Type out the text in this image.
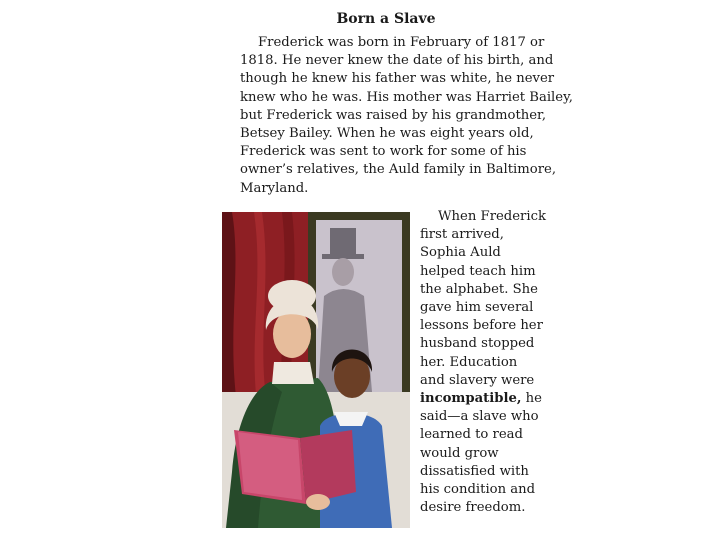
Born a Slave
Frederick was born in February of 1817 or
1818. He never knew the date of his birth, and
though he knew his father was white, he never
knew who he was. His mother was Harriet Bailey,
but Frederick was raised by his grandmother,
Betsey Bailey. When he was eight years old,
Frederick was sent to work for some of his
owner’s relatives, the Auld family in Baltimore,
Maryland.
When Frederick
first arrived,
Sophia Auld
helped teach him
the alphabet. She
gave him several
lessons before her
husband stopped
her. Education
and slavery were
incompatible, he
said—a slave who
learned to read
would grow
dissatisfied with
his condition and
desire freedom.
